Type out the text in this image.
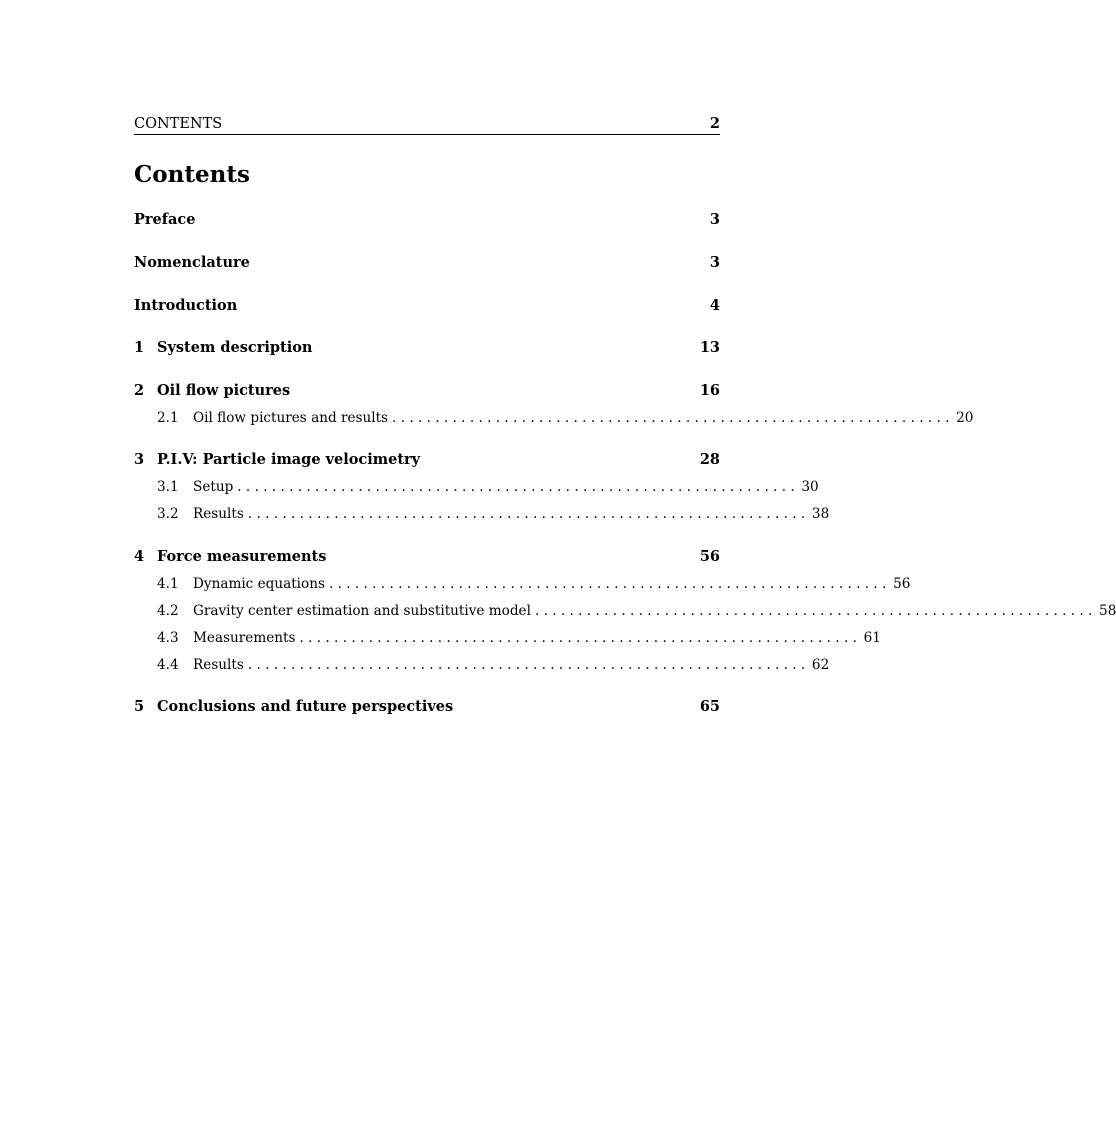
CONTENTS	2
Contents
Preface	3
Nomenclature	3
Introduction	4
1 System description	13
2 Oil flow pictures	16
2.1	Oil flow pictures and results . . . . . . . . . . . . . . . . . . . . . . . . . . . . . . . . . . . . . . . . . . . . . . . . . . . . . . . . . . . . . . . . . 20
3 P.I.V: Particle image velocimetry	28
3.1	Setup . . . . . . . . . . . . . . . . . . . . . . . . . . . . . . . . . . . . . . . . . . . . . . . . . . . . . . . . . . . . . . . . . 30
3.2	Results . . . . . . . . . . . . . . . . . . . . . . . . . . . . . . . . . . . . . . . . . . . . . . . . . . . . . . . . . . . . . . . . . 38
4 Force measurements	56
4.1	Dynamic equations . . . . . . . . . . . . . . . . . . . . . . . . . . . . . . . . . . . . . . . . . . . . . . . . . . . . . . . . . . . . . . . . . 56
4.2	Gravity center estimation and substitutive model . . . . . . . . . . . . . . . . . . . . . . . . . . . . . . . . . . . . . . . . . . . . . . . . . . . . . . . . . . . . . . . . . 58
4.3	Measurements . . . . . . . . . . . . . . . . . . . . . . . . . . . . . . . . . . . . . . . . . . . . . . . . . . . . . . . . . . . . . . . . . 61
4.4	Results . . . . . . . . . . . . . . . . . . . . . . . . . . . . . . . . . . . . . . . . . . . . . . . . . . . . . . . . . . . . . . . . . 62
5 Conclusions and future perspectives	65
